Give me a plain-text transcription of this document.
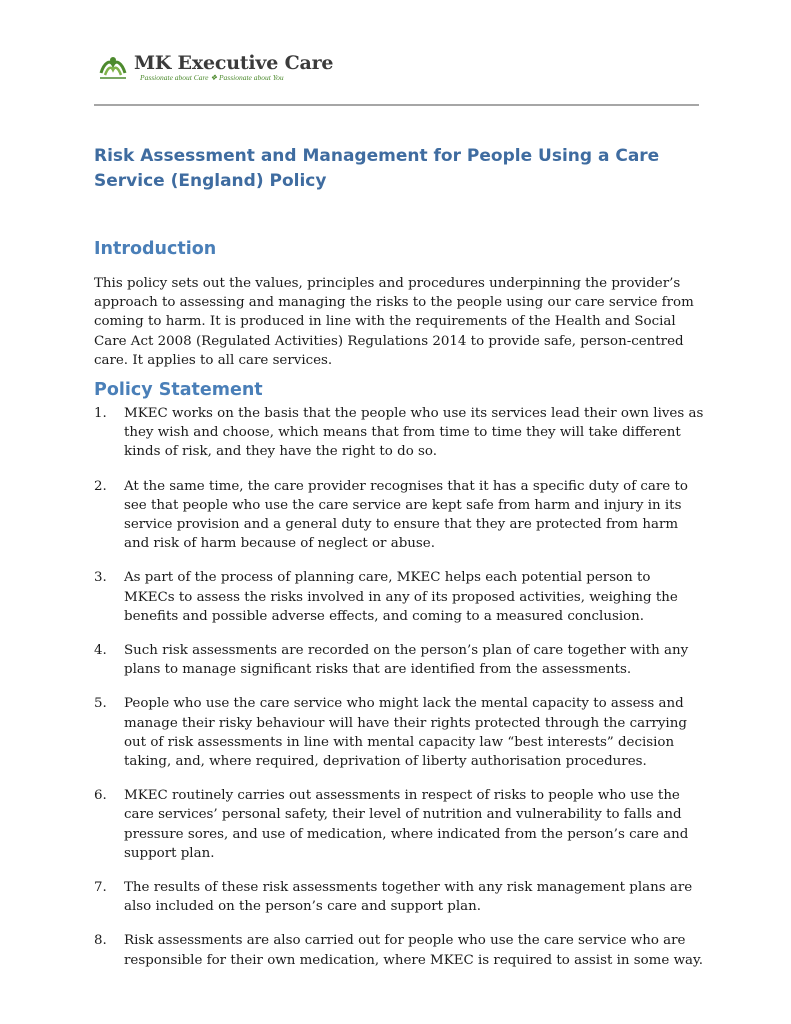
MK Executive Care
Passionate about Care ❖ Passionate about You
Risk Assessment and Management for People Using a Care Service (England) Policy
Introduction

This policy sets out the values, principles and procedures underpinning the provider’s approach to assessing and managing the risks to the people using our care service from coming to harm. It is produced in line with the requirements of the Health and Social Care Act 2008 (Regulated Activities) Regulations 2014 to provide safe, person-centred care. It applies to all care services.

Policy Statement
1.	MKEC works on the basis that the people who use its services lead their own lives as they wish and choose, which means that from time to time they will take different kinds of risk, and they have the right to do so.
2.	At the same time, the care provider recognises that it has a specific duty of care to see that people who use the care service are kept safe from harm and injury in its service provision and a general duty to ensure that they are protected from harm and risk of harm because of neglect or abuse.
3.	As part of the process of planning care, MKEC helps each potential person to MKECs to assess the risks involved in any of its proposed activities, weighing the benefits and possible adverse effects, and coming to a measured conclusion.
4.	Such risk assessments are recorded on the person’s plan of care together with any plans to manage significant risks that are identified from the assessments.
5.	People who use the care service who might lack the mental capacity to assess and manage their risky behaviour will have their rights protected through the carrying out of risk assessments in line with mental capacity law “best interests” decision taking, and, where required, deprivation of liberty authorisation procedures.
6.	MKEC routinely carries out assessments in respect of risks to people who use the care services’ personal safety, their level of nutrition and vulnerability to falls and pressure sores, and use of medication, where indicated from the person’s care and support plan.
7.	The results of these risk assessments together with any risk management plans are also included on the person’s care and support plan.
8.	Risk assessments are also carried out for people who use the care service who are responsible for their own medication, where MKEC is required to assist in some way.
